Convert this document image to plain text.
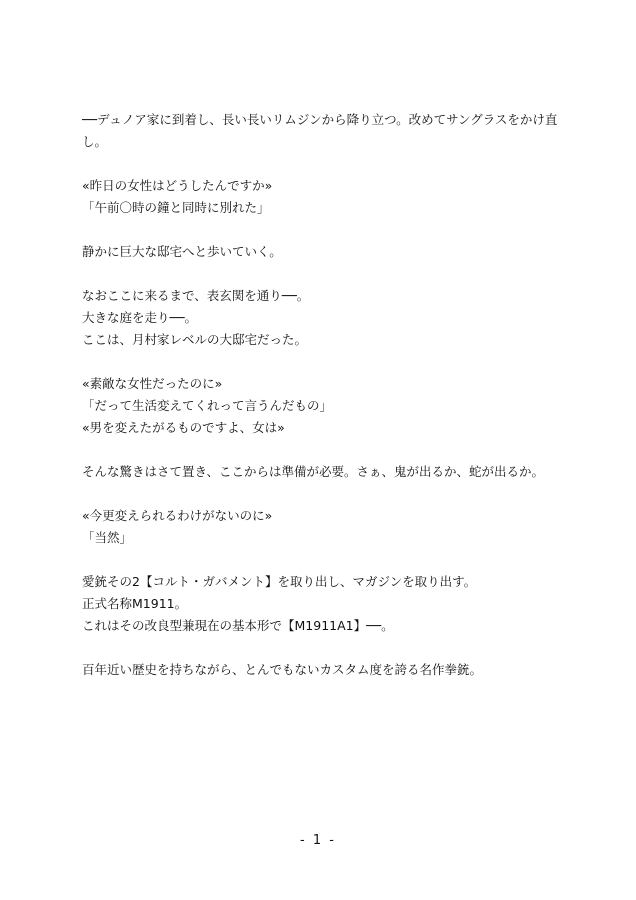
──デュノア家に到着し、長い長いリムジンから降り立つ。改めてサングラスをかけ直
し。
«昨日の女性はどうしたんですか»
「午前〇時の鐘と同時に別れた」
静かに巨大な邸宅へと歩いていく。
なおここに来るまで、表玄関を通り──。
大きな庭を走り──。
ここは、月村家レベルの大邸宅だった。
«素敵な女性だったのに»
「だって生活変えてくれって言うんだもの」
«男を変えたがるものですよ、女は»
そんな驚きはさて置き、ここからは準備が必要。さぁ、鬼が出るか、蛇が出るか。
«今更変えられるわけがないのに»
「当然」
愛銃その2【コルト・ガバメント】を取り出し、マガジンを取り出す。
正式名称M1911。
これはその改良型兼現在の基本形で【M1911A1】──。
百年近い歴史を持ちながら、とんでもないカスタム度を誇る名作拳銃。
- 1 -
